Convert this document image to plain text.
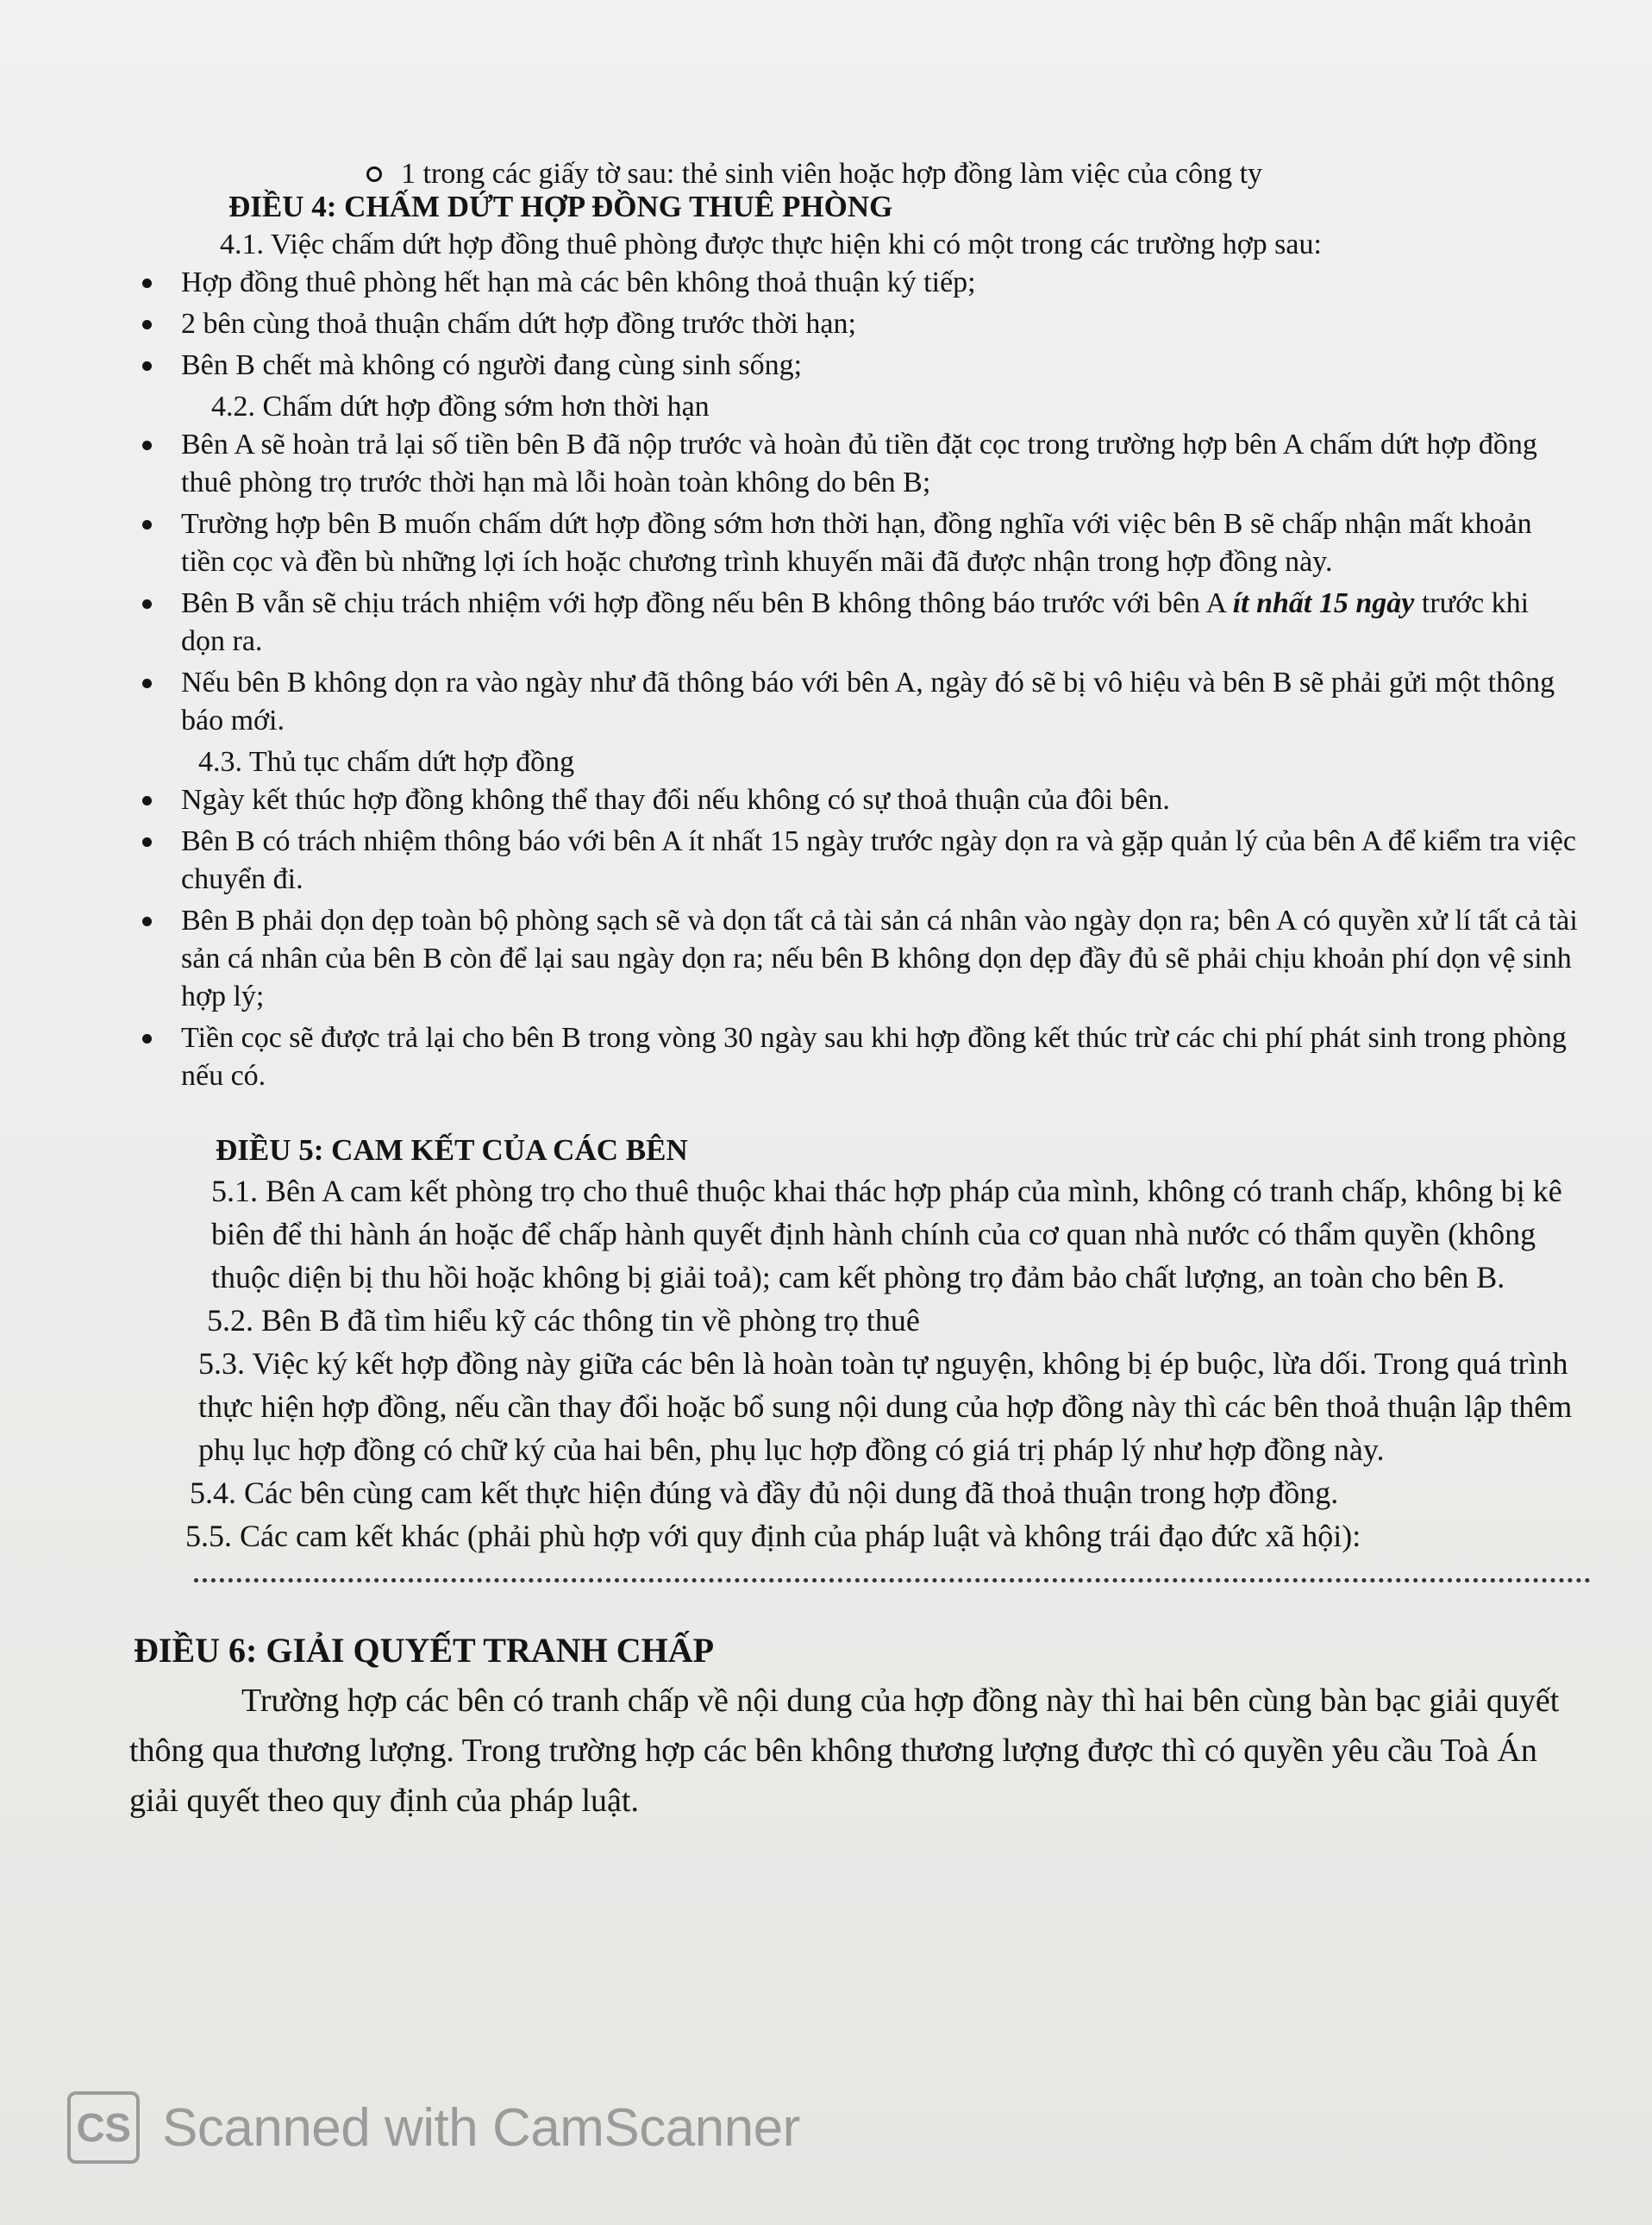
1 trong các giấy tờ sau: thẻ sinh viên hoặc hợp đồng làm việc của công ty
ĐIỀU 4: CHẤM DỨT HỢP ĐỒNG THUÊ PHÒNG
4.1. Việc chấm dứt hợp đồng thuê phòng được thực hiện khi có một trong các trường hợp sau:
Hợp đồng thuê phòng hết hạn mà các bên không thoả thuận ký tiếp;
2 bên cùng thoả thuận chấm dứt hợp đồng trước thời hạn;
Bên B chết mà không có người đang cùng sinh sống;
4.2. Chấm dứt hợp đồng sớm hơn thời hạn
Bên A sẽ hoàn trả lại số tiền bên B đã nộp trước và hoàn đủ tiền đặt cọc trong trường hợp bên A chấm dứt hợp đồng thuê phòng trọ trước thời hạn mà lỗi hoàn toàn không do bên B;
Trường hợp bên B muốn chấm dứt hợp đồng sớm hơn thời hạn, đồng nghĩa với việc bên B sẽ chấp nhận mất khoản tiền cọc và đền bù những lợi ích hoặc chương trình khuyến mãi đã được nhận trong hợp đồng này.
Bên B vẫn sẽ chịu trách nhiệm với hợp đồng nếu bên B không thông báo trước với bên A ít nhất 15 ngày trước khi dọn ra.
Nếu bên B không dọn ra vào ngày như đã thông báo với bên A, ngày đó sẽ bị vô hiệu và bên B sẽ phải gửi một thông báo mới.
4.3. Thủ tục chấm dứt hợp đồng
Ngày kết thúc hợp đồng không thể thay đổi nếu không có sự thoả thuận của đôi bên.
Bên B có trách nhiệm thông báo với bên A ít nhất 15 ngày trước ngày dọn ra và gặp quản lý của bên A để kiểm tra việc chuyển đi.
Bên B phải dọn dẹp toàn bộ phòng sạch sẽ và dọn tất cả tài sản cá nhân vào ngày dọn ra; bên A có quyền xử lí tất cả tài sản cá nhân của bên B còn để lại sau ngày dọn ra; nếu bên B không dọn dẹp đầy đủ sẽ phải chịu khoản phí dọn vệ sinh hợp lý;
Tiền cọc sẽ được trả lại cho bên B trong vòng 30 ngày sau khi hợp đồng kết thúc trừ các chi phí phát sinh trong phòng nếu có.
ĐIỀU 5: CAM KẾT CỦA CÁC BÊN

5.1. Bên A cam kết phòng trọ cho thuê thuộc khai thác hợp pháp của mình, không có tranh chấp, không bị kê biên để thi hành án hoặc để chấp hành quyết định hành chính của cơ quan nhà nước có thẩm quyền (không thuộc diện bị thu hồi hoặc không bị giải toả); cam kết phòng trọ đảm bảo chất lượng, an toàn cho bên B.

5.2. Bên B đã tìm hiểu kỹ các thông tin về phòng trọ thuê

5.3. Việc ký kết hợp đồng này giữa các bên là hoàn toàn tự nguyện, không bị ép buộc, lừa dối. Trong quá trình thực hiện hợp đồng, nếu cần thay đổi hoặc bổ sung nội dung của hợp đồng này thì các bên thoả thuận lập thêm phụ lục hợp đồng có chữ ký của hai bên, phụ lục hợp đồng có giá trị pháp lý như hợp đồng này.

5.4. Các bên cùng cam kết thực hiện đúng và đầy đủ nội dung đã thoả thuận trong hợp đồng.

5.5. Các cam kết khác (phải phù hợp với quy định của pháp luật và không trái đạo đức xã hội):

ĐIỀU 6: GIẢI QUYẾT TRANH CHẤP

Trường hợp các bên có tranh chấp về nội dung của hợp đồng này thì hai bên cùng bàn bạc giải quyết thông qua thương lượng. Trong trường hợp các bên không thương lượng được thì có quyền yêu cầu Toà Án giải quyết theo quy định của pháp luật.

CS Scanned with CamScanner
